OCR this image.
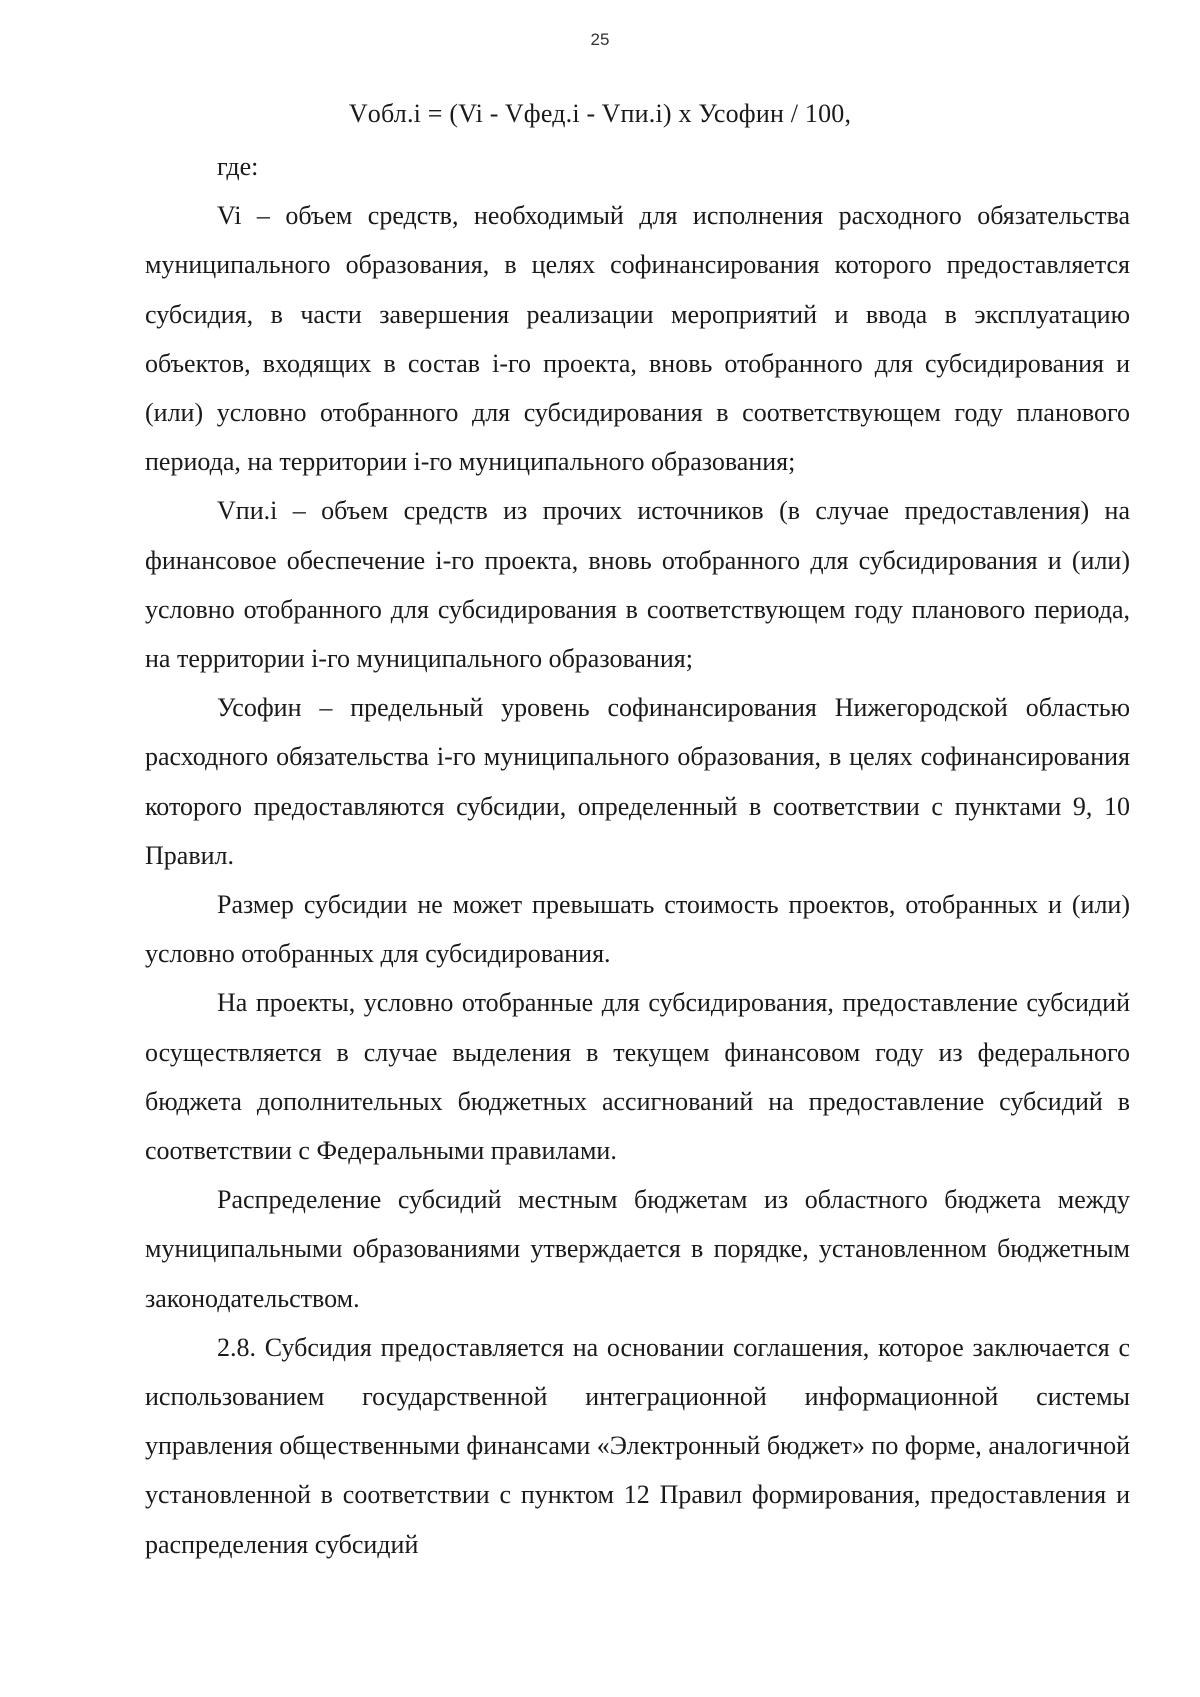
25
Vобл.i = (Vi - Vфед.i - Vпи.i) x Усофин / 100,

где:

Vi – объем средств, необходимый для исполнения расходного обязательства муниципального образования, в целях софинансирования которого предоставляется субсидия, в части завершения реализации мероприятий и ввода в эксплуатацию объектов, входящих в состав i-го проекта, вновь отобранного для субсидирования и (или) условно отобранного для субсидирования в соответствующем году планового периода, на территории i-го муниципального образования;

Vпи.i – объем средств из прочих источников (в случае предоставления) на финансовое обеспечение i-го проекта, вновь отобранного для субсидирования и (или) условно отобранного для субсидирования в соответствующем году планового периода, на территории i-го муниципального образования;

Усофин – предельный уровень софинансирования Нижегородской областью расходного обязательства i-го муниципального образования, в целях софинансирования которого предоставляются субсидии, определенный в соответствии с пунктами 9, 10 Правил.

Размер субсидии не может превышать стоимость проектов, отобранных и (или) условно отобранных для субсидирования.

На проекты, условно отобранные для субсидирования, предоставление субсидий осуществляется в случае выделения в текущем финансовом году из федерального бюджета дополнительных бюджетных ассигнований на предоставление субсидий в соответствии с Федеральными правилами.

Распределение субсидий местным бюджетам из областного бюджета между муниципальными образованиями утверждается в порядке, установленном бюджетным законодательством.

2.8. Субсидия предоставляется на основании соглашения, которое заключается с использованием государственной интеграционной информационной системы управления общественными финансами «Электронный бюджет» по форме, аналогичной установленной в соответствии с пунктом 12 Правил формирования, предоставления и распределения субсидий
